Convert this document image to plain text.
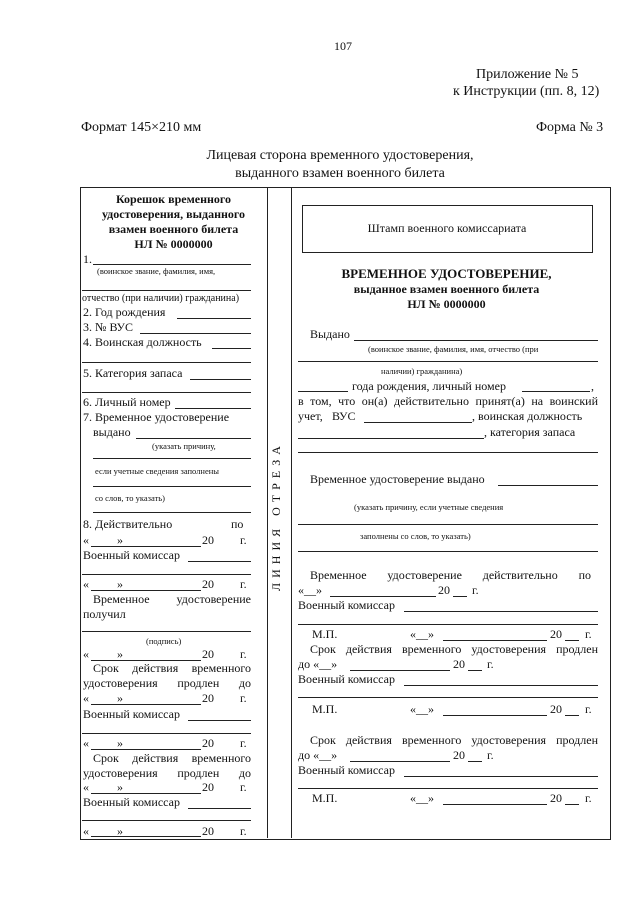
107
Приложение № 5
к Инструкции (пп. 8, 12)
Формат 145×210 мм	Форма № 3
Лицевая сторона временного удостоверения,
выданного взамен военного билета
ЛИНИЯ ОТРЕЗА
Корешок временного
удостоверения, выданного
взамен военного билета
НЛ № 0000000
1.
(воинское звание, фамилия, имя,
отчество (при наличии) гражданина)
2. Год рождения
3. № ВУС
4. Воинская должность
5. Категория запаса
6. Личный номер
7. Временное удостоверение
выдано
(указать причину,
если учетные сведения заполнены
со слов, то указать)
8. Действительно	по
« »	20 г.
Военный комиссар
« »	20 г.
Временное удостоверение
получил
(подпись)
« »	20 г.
Срок действия временного
удостоверения продлен до
« »	20 г.
Военный комиссар
« »	20 г.
Срок действия временного
удостоверения продлен до
« »	20 г.
Военный комиссар
« »	20 г.
Штамп военного комиссариата
ВРЕМЕННОЕ УДОСТОВЕРЕНИЕ,
выданное взамен военного билета
НЛ № 0000000
Выдано
(воинское звание, фамилия, имя, отчество (при
наличии) гражданина)
года рождения, личный номер	,
в том, что он(а) действительно принят(а) на воинский
учет, ВУС	, воинская должность
, категория запаса
Временное удостоверение выдано
(указать причину, если учетные сведения
заполнены со слов, то указать)
Временное удостоверение действительно по
«__»	20 г.
Военный комиссар
М.П.	«__»	20 г.
Срок действия временного удостоверения продлен
до «__»	20 г.
Военный комиссар
М.П.	«__»	20 г.
Срок действия временного удостоверения продлен
до «__»	20 г.
Военный комиссар
М.П.	«__»	20 г.
